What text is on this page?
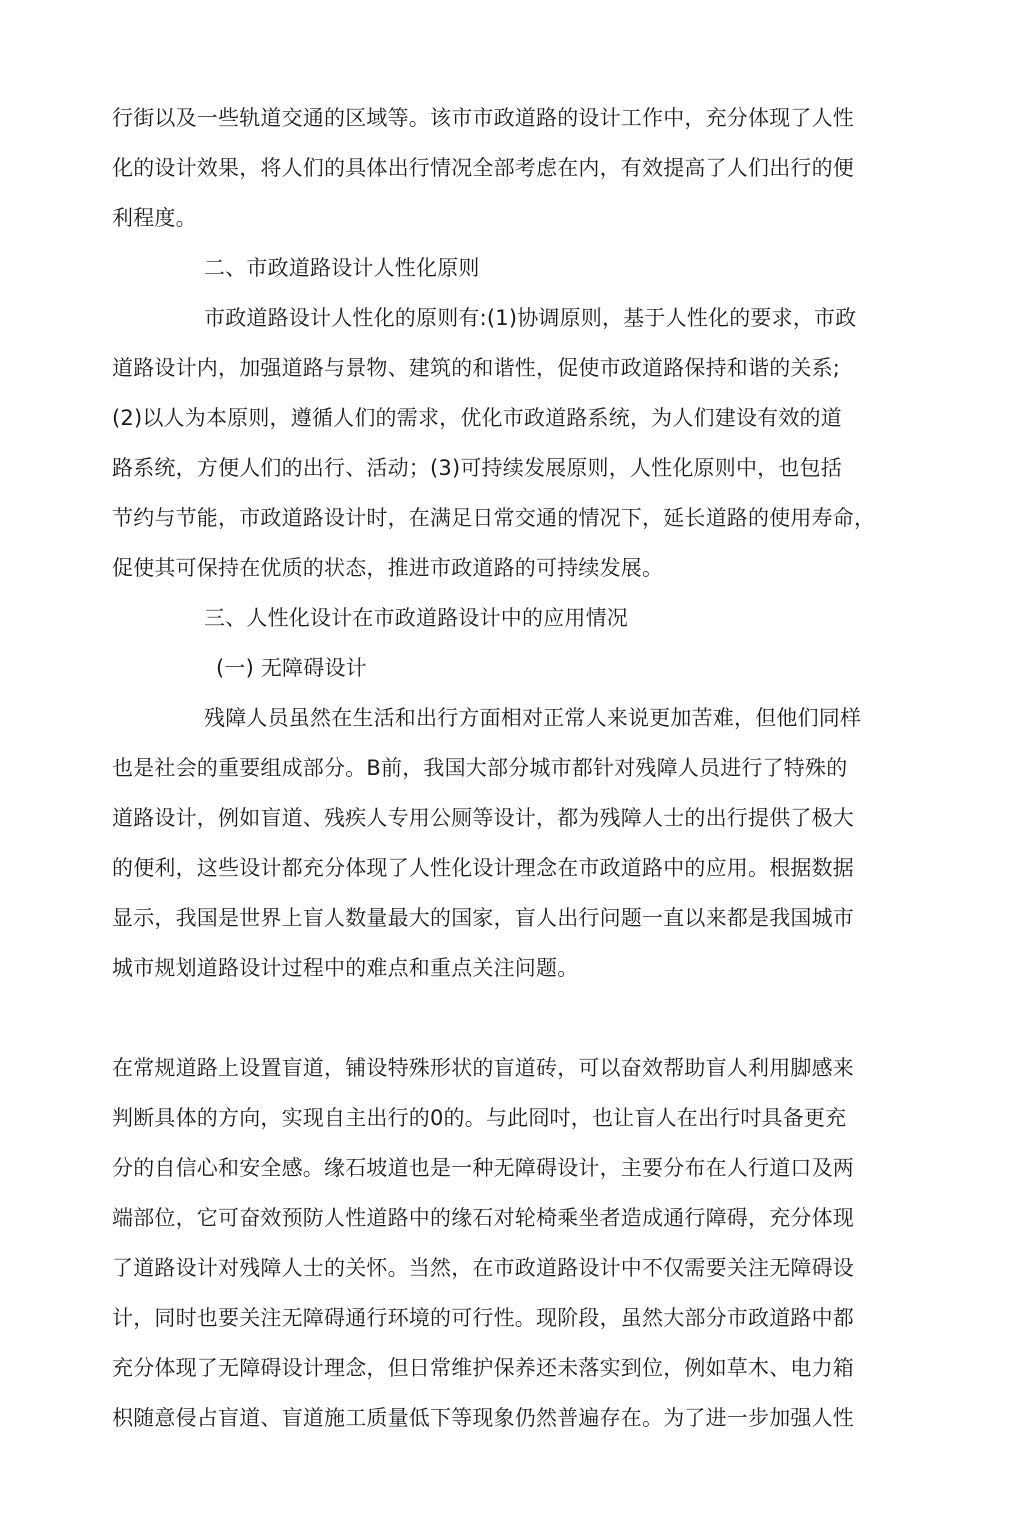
行街以及一些轨道交通的区域等。该市市政道路的设计工作中，充分体现了人性
化的设计效果，将人们的具体出行情况全部考虑在内，有效提高了人们出行的便
利程度。
二、市政道路设计人性化原则
市政道路设计人性化的原则有:(1)协调原则，基于人性化的要求，市政
道路设计内，加强道路与景物、建筑的和谐性，促使市政道路保持和谐的关系;
(2)以人为本原则，遵循人们的需求，优化市政道路系统，为人们建设有效的道
路系统，方便人们的出行、活动；(3)可持续发展原则，人性化原则中，也包括
节约与节能，市政道路设计时，在满足日常交通的情况下，延长道路的使用寿命，
促使其可保持在优质的状态，推进市政道路的可持续发展。
三、人性化设计在市政道路设计中的应用情况
(一) 无障碍设计
残障人员虽然在生活和出行方面相对正常人来说更加苦难，但他们同样
也是社会的重要组成部分。B前，我国大部分城市都针对残障人员进行了特殊的
道路设计，例如盲道、残疾人专用公厕等设计，都为残障人士的出行提供了极大
的便利，这些设计都充分体现了人性化设计理念在市政道路中的应用。根据数据
显示，我国是世界上盲人数量最大的国家，盲人出行问题一直以来都是我国城市
城市规划道路设计过程中的难点和重点关注问题。
在常规道路上设置盲道，铺设特殊形状的盲道砖，可以奋效帮助盲人利用脚感来
判断具体的方向，实现自主出行的0的。与此冏吋，也让盲人在出行吋具备更充
分的自信心和安全感。缘石坡道也是一种无障碍设计，主要分布在人行道口及两
端部位，它可奋效预防人性道路中的缘石对轮椅乘坐者造成通行障碍，充分体现
了道路设计对残障人士的关怀。当然，在市政道路设计中不仅需要关注无障碍设
计，同时也要关注无障碍通行环境的可行性。现阶段，虽然大部分市政道路中都
充分体现了无障碍设计理念，但日常维护保养还未落实到位，例如草木、电力箱
枳随意侵占盲道、盲道施工质量低下等现象仍然普遍存在。为了进一步加强人性
